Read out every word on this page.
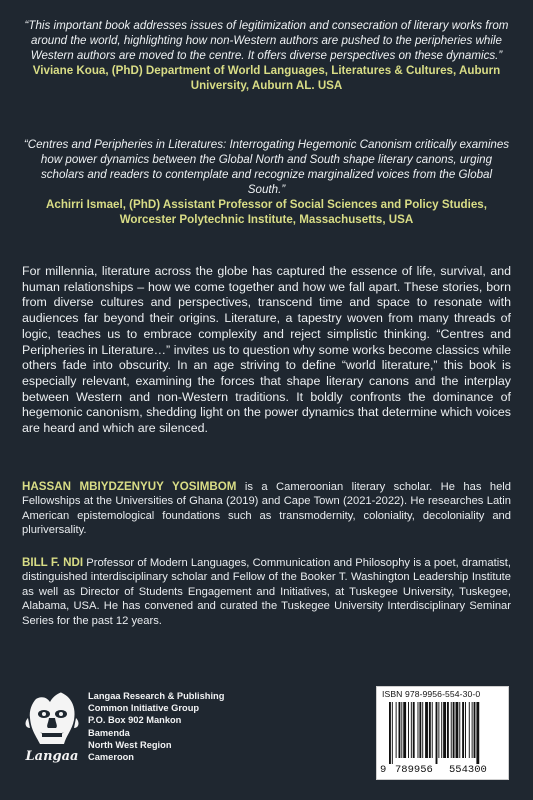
“This important book addresses issues of legitimization and consecration of literary works from around the world, highlighting how non-Western authors are pushed to the peripheries while Western authors are moved to the centre. It offers diverse perspectives on these dynamics.”

Viviane Koua, (PhD) Department of World Languages, Literatures & Cultures, Auburn University, Auburn AL. USA

“Centres and Peripheries in Literatures: Interrogating Hegemonic Canonism critically examines how power dynamics between the Global North and South shape literary canons, urging scholars and readers to contemplate and recognize marginalized voices from the Global South.”

Achirri Ismael, (PhD) Assistant Professor of Social Sciences and Policy Studies, Worcester Polytechnic Institute, Massachusetts, USA

For millennia, literature across the globe has captured the essence of life, survival, and human relationships – how we come together and how we fall apart. These stories, born from diverse cultures and perspectives, transcend time and space to resonate with audiences far beyond their origins. Literature, a tapestry woven from many threads of logic, teaches us to embrace complexity and reject simplistic thinking. “Centres and Peripheries in Literature…” invites us to question why some works become classics while others fade into obscurity. In an age striving to define “world literature,” this book is especially relevant, examining the forces that shape literary canons and the interplay between Western and non-Western traditions. It boldly confronts the dominance of hegemonic canonism, shedding light on the power dynamics that determine which voices are heard and which are silenced.

HASSAN MBIYDZENYUY YOSIMBOM is a Cameroonian literary scholar. He has held Fellowships at the Universities of Ghana (2019) and Cape Town (2021-2022). He researches Latin American epistemological foundations such as transmodernity, coloniality, decoloniality and pluriversality.

BILL F. NDI Professor of Modern Languages, Communication and Philosophy is a poet, dramatist, distinguished interdisciplinary scholar and Fellow of the Booker T. Washington Leadership Institute as well as Director of Students Engagement and Initiatives, at Tuskegee University, Tuskegee, Alabama, USA. He has convened and curated the Tuskegee University Interdisciplinary Seminar Series for the past 12 years.

Langaa
Langaa Research & Publishing
Common Initiative Group
P.O. Box 902 Mankon
Bamenda
North West Region
Cameroon
ISBN 978-9956-554-30-0
9 789956 554300
